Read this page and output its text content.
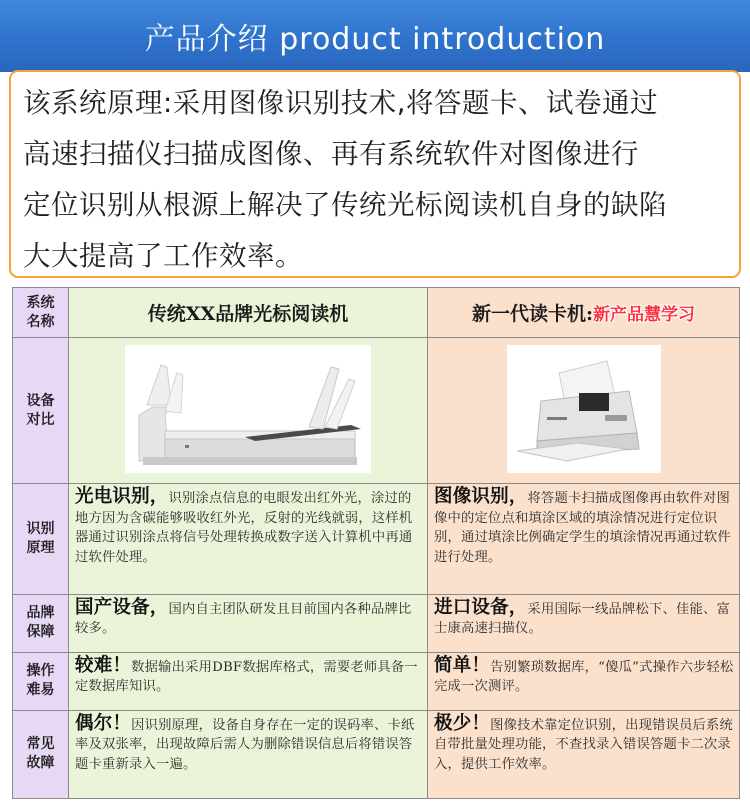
产品介绍 product introduction

该系统原理:采用图像识别技术,将答题卡、试卷通过
高速扫描仪扫描成图像、再有系统软件对图像进行
定位识别从根源上解决了传统光标阅读机自身的缺陷
大大提高了工作效率。

系统
名称	传统XX品牌光标阅读机	新一代读卡机:新产品慧学习
设备
对比		
识别
原理	光电识别，识别涂点信息的电眼发出红外光，涂过的地方因为含碳能够吸收红外光，反射的光线就弱，这样机器通过识别涂点将信号处理转换成数字送入计算机中再通过软件处理。	图像识别，将答题卡扫描成图像再由软件对图像中的定位点和填涂区域的填涂情况进行定位识别，通过填涂比例确定学生的填涂情况再通过软件进行处理。
品牌
保障	国产设备，国内自主团队研发且目前国内各种品牌比较多。	进口设备，采用国际一线品牌松下、佳能、富士康高速扫描仪。
操作
难易	较难！数据输出采用DBF数据库格式，需要老师具备一定数据库知识。	简单！告别繁琐数据库，“傻瓜”式操作六步轻松完成一次测评。
常见
故障	偶尔！因识别原理，设备自身存在一定的误码率、卡纸率及双张率，出现故障后需人为删除错误信息后将错误答题卡重新录入一遍。	极少！图像技术靠定位识别，出现错误员后系统自带批量处理功能，不查找录入错误答题卡二次录入，提供工作效率。
